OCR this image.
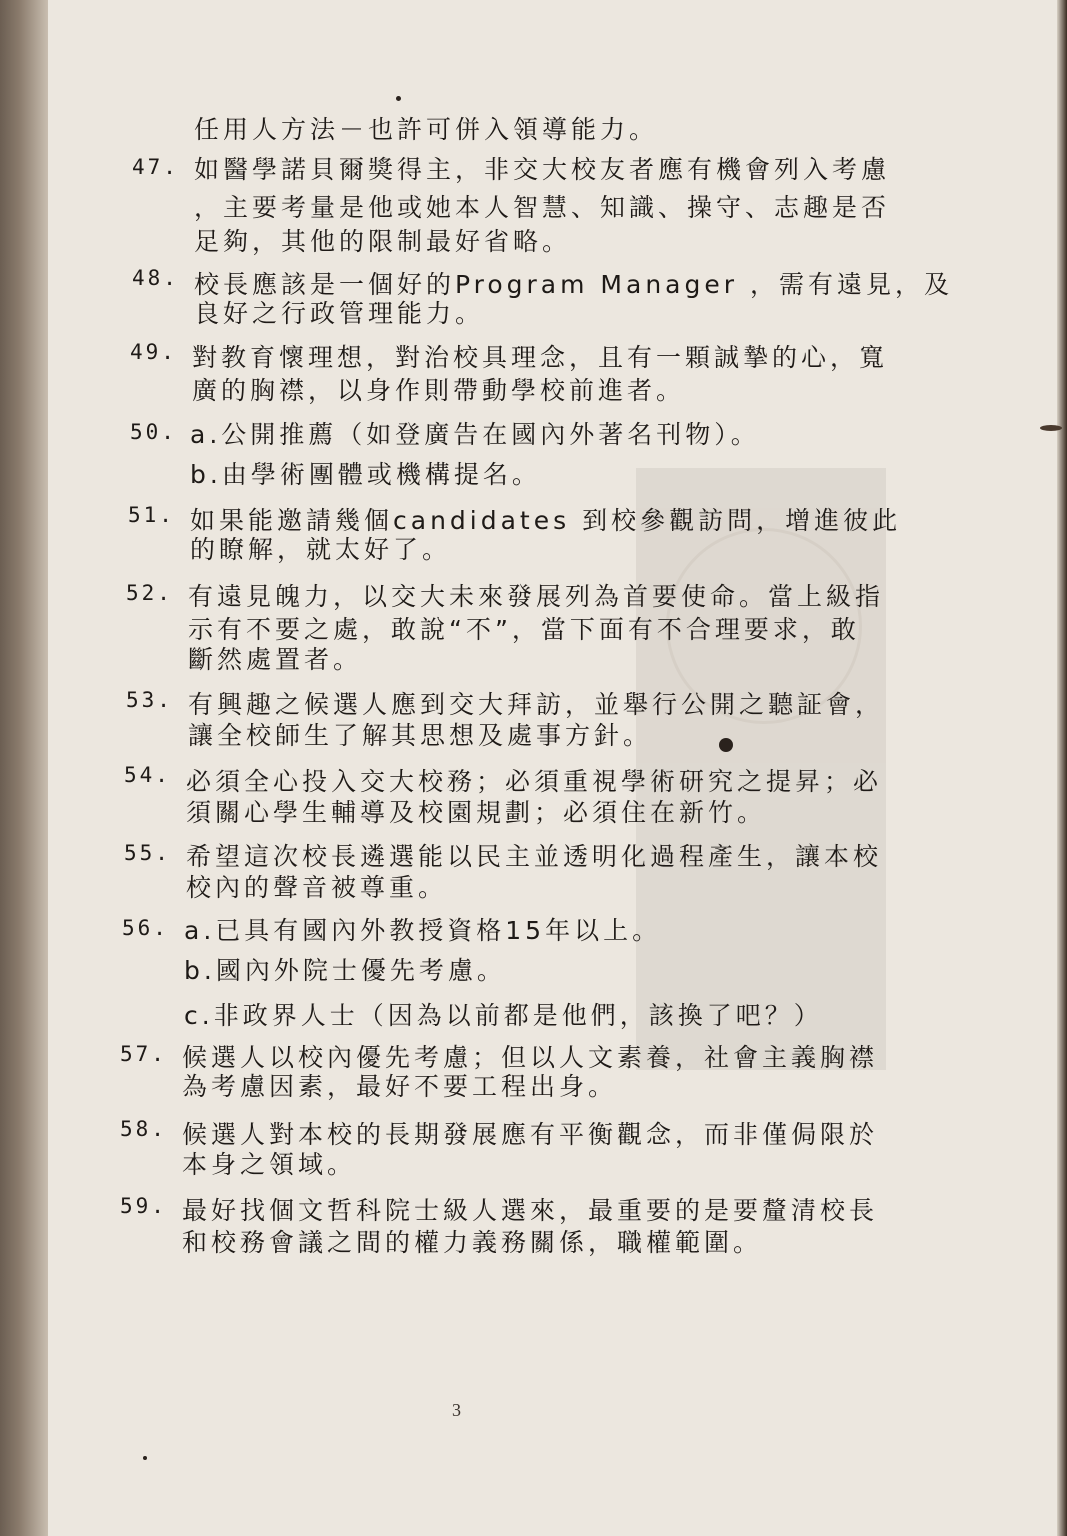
任用人方法－也許可併入領導能力。
47. 如醫學諾貝爾獎得主，非交大校友者應有機會列入考慮
，主要考量是他或她本人智慧、知識、操守、志趣是否
足夠，其他的限制最好省略。
48. 校長應該是一個好的Program Manager ，需有遠見，及
良好之行政管理能力。
49. 對教育懷理想，對治校具理念，且有一顆誠摯的心，寬
廣的胸襟，以身作則帶動學校前進者。
50. a.公開推薦（如登廣告在國內外著名刊物）。
b.由學術團體或機構提名。
51. 如果能邀請幾個candidates 到校參觀訪問，增進彼此
的瞭解，就太好了。
52. 有遠見魄力，以交大未來發展列為首要使命。當上級指
示有不要之處，敢說“不”，當下面有不合理要求，敢
斷然處置者。
53. 有興趣之候選人應到交大拜訪，並舉行公開之聽証會，
讓全校師生了解其思想及處事方針。
54. 必須全心投入交大校務；必須重視學術研究之提昇；必
須關心學生輔導及校園規劃；必須住在新竹。
55. 希望這次校長遴選能以民主並透明化過程產生，讓本校
校內的聲音被尊重。
56. a.已具有國內外教授資格15年以上。
b.國內外院士優先考慮。
c.非政界人士（因為以前都是他們，該換了吧？）
57. 候選人以校內優先考慮；但以人文素養，社會主義胸襟
為考慮因素，最好不要工程出身。
58. 候選人對本校的長期發展應有平衡觀念，而非僅侷限於
本身之領域。
59. 最好找個文哲科院士級人選來，最重要的是要釐清校長
和校務會議之間的權力義務關係，職權範圍。
3
